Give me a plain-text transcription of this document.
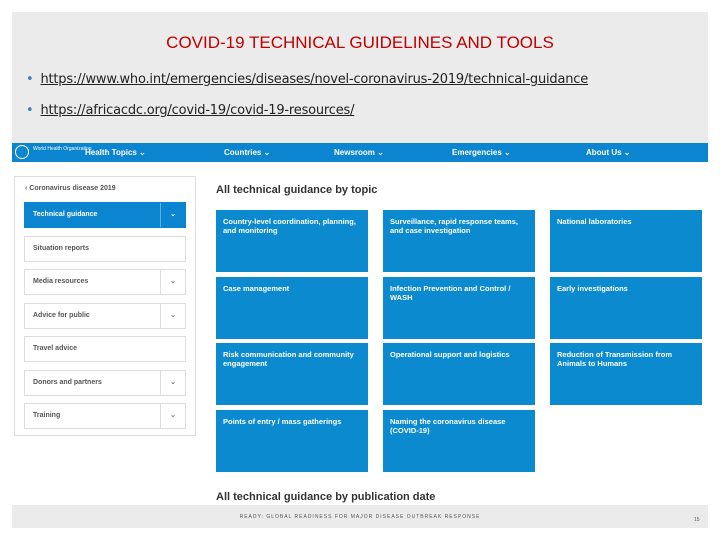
COVID-19 TECHNICAL GUIDELINES AND TOOLS
• https://www.who.int/emergencies/diseases/novel-coronavirus-2019/technical-guidance
• https://africacdc.org/covid-19/covid-19-resources/
World Health Organization
Health Topics ⌄	Countries ⌄	Newsroom ⌄	Emergencies ⌄	About Us ⌄
‹ Coronavirus disease 2019
Technical guidance	⌄
Situation reports
Media resources	⌄
Advice for public	⌄
Travel advice
Donors and partners	⌄
Training	⌄
All technical guidance by topic
Country-level coordination, planning, and monitoring
Surveillance, rapid response teams, and case investigation
National laboratories
Case management	Infection Prevention and Control / WASH
Early investigations
Risk communication and community engagement
Operational support and logistics	Reduction of Transmission from Animals to Humans
Points of entry / mass gatherings	Naming the coronavirus disease (COVID-19)
All technical guidance by publication date
READY: GLOBAL READINESS FOR MAJOR DISEASE OUTBREAK RESPONSE	15
